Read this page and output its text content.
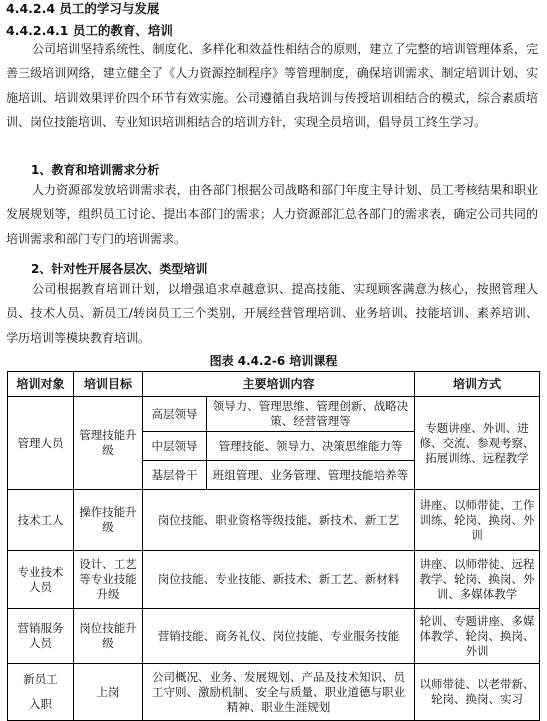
4.4.2.4 员工的学习与发展
4.4.2.4.1 员工的教育、培训

公司培训坚持系统性、制度化、多样化和效益性相结合的原则，建立了完整的培训管理体系，完善三级培训网络，建立健全了《人力资源控制程序》等管理制度，确保培训需求、制定培训计划、实施培训、培训效果评价四个环节有效实施。公司遵循自我培训与传授培训相结合的模式，综合素质培训、岗位技能培训、专业知识培训相结合的培训方针，实现全员培训，倡导员工终生学习。

1、教育和培训需求分析

人力资源部发放培训需求表，由各部门根据公司战略和部门年度主导计划、员工考核结果和职业发展规划等，组织员工讨论、提出本部门的需求；人力资源部汇总各部门的需求表，确定公司共同的培训需求和部门专门的培训需求。

2、针对性开展各层次、类型培训

公司根据教育培训计划，以增强追求卓越意识、提高技能、实现顾客满意为核心，按照管理人员、技术人员、新员工/转岗员工三个类别，开展经营管理培训、业务培训、技能培训、素养培训、学历培训等模块教育培训。

图表 4.4.2-6 培训课程
培训对象	培训目标	主要培训内容		培训方式
管理人员	管理技能升级	高层领导	领导力、管理思维、管理创新、战略决策、经营管理等	专题讲座、外训、进修、交流、参观考察、拓展训练、远程教学
		中层领导	管理技能、领导力、决策思维能力等	
		基层骨干	班组管理、业务管理、管理技能培养等	
技术工人	操作技能升级	岗位技能、职业资格等级技能、新技术、新工艺		讲座、以师带徒、工作训练、轮岗、换岗、外训
专业技术人员	设计、工艺等专业技能升级	岗位技能、专业技能、新技术、新工艺、新材料		讲座、以师带徒、远程教学、轮岗、换岗、外训、多媒体教学
营销服务人员	岗位技能升级	营销技能、商务礼仪、岗位技能、专业服务技能		轮训、专题讲座、多媒体教学、轮岗、换岗、外训

新员工
入职	上岗	公司概况、业务、发展规划、产品及技术知识、员工守则、激励机制、安全与质量、职业道德与职业精神、职业生涯规划		以师带徒、以老带新、轮岗、换岗、实习
